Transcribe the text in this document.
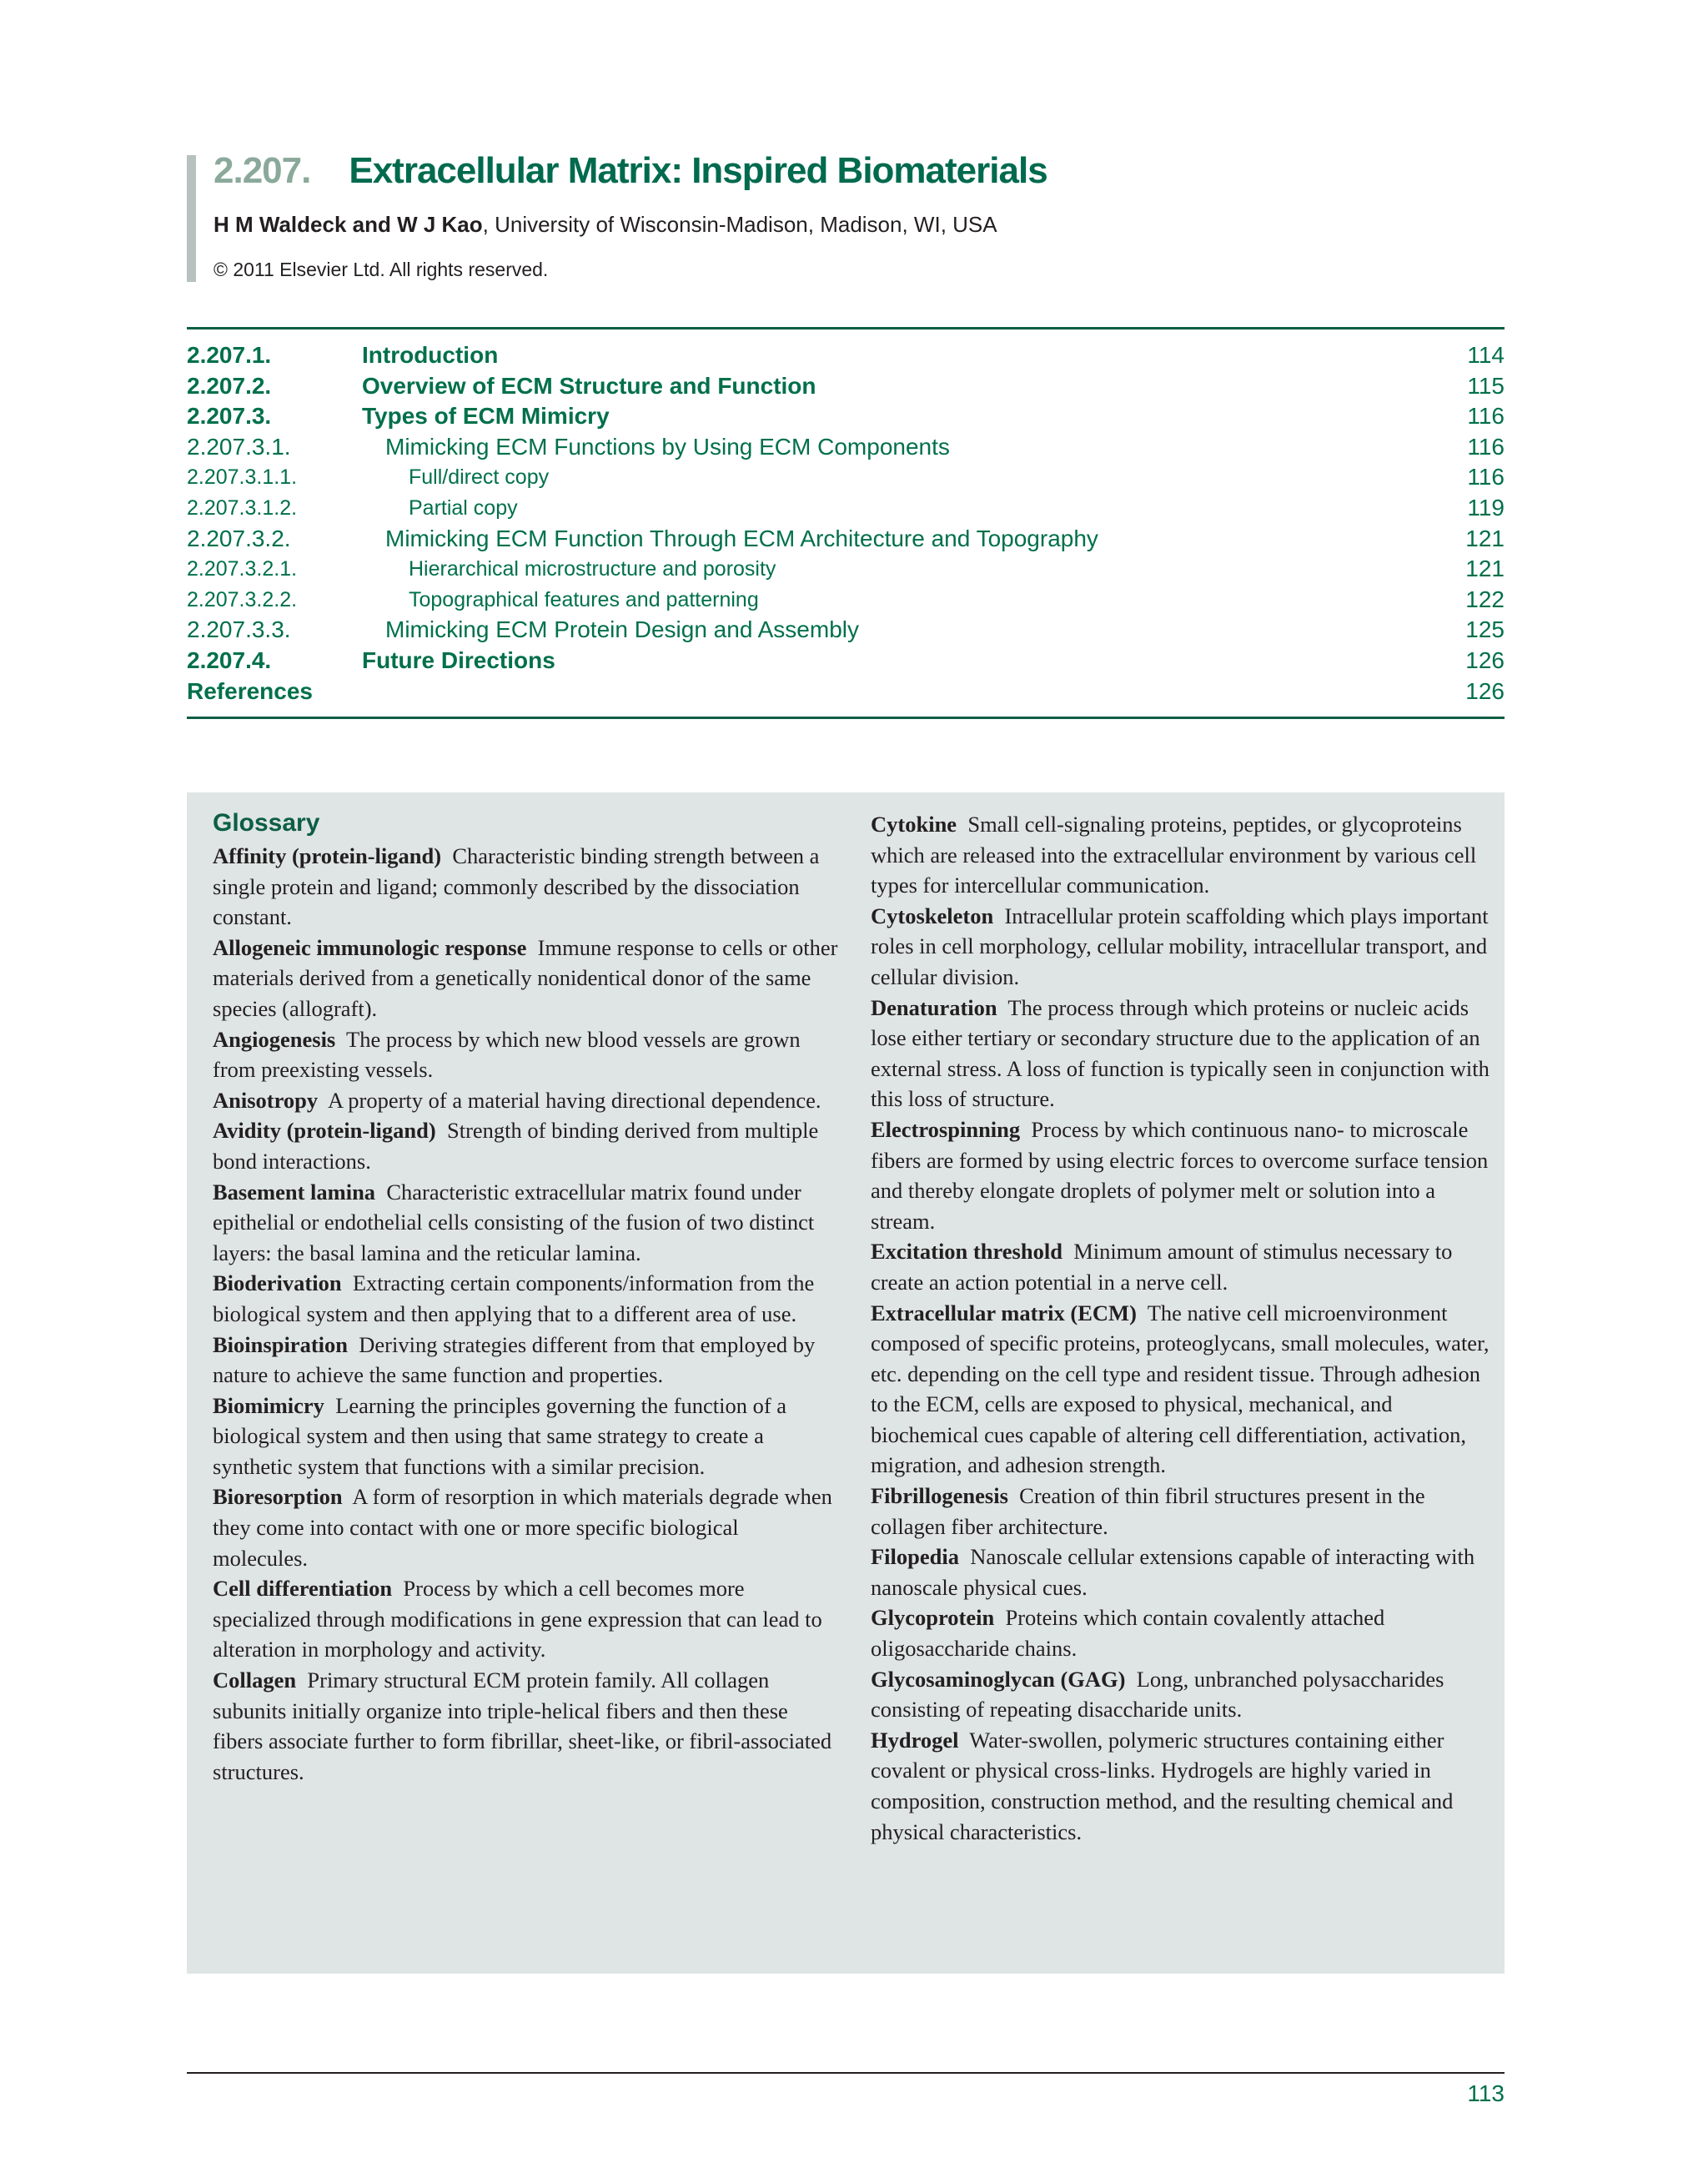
2.207. Extracellular Matrix: Inspired Biomaterials
H M Waldeck and W J Kao, University of Wisconsin-Madison, Madison, WI, USA
© 2011 Elsevier Ltd. All rights reserved.
2.207.1.	Introduction	114
2.207.2.	Overview of ECM Structure and Function	115
2.207.3.	Types of ECM Mimicry	116
2.207.3.1.	Mimicking ECM Functions by Using ECM Components	116
2.207.3.1.1.	Full/direct copy	116
2.207.3.1.2.	Partial copy	119
2.207.3.2.	Mimicking ECM Function Through ECM Architecture and Topography	121
2.207.3.2.1.	Hierarchical microstructure and porosity	121
2.207.3.2.2.	Topographical features and patterning	122
2.207.3.3.	Mimicking ECM Protein Design and Assembly	125
2.207.4.	Future Directions	126
References	126
Glossary

Affinity (protein-ligand) Characteristic binding strength between a single protein and ligand; commonly described by the dissociation constant.

Allogeneic immunologic response Immune response to cells or other materials derived from a genetically nonidentical donor of the same species (allograft).

Angiogenesis The process by which new blood vessels are grown from preexisting vessels.

Anisotropy A property of a material having directional dependence.

Avidity (protein-ligand) Strength of binding derived from multiple bond interactions.

Basement lamina Characteristic extracellular matrix found under epithelial or endothelial cells consisting of the fusion of two distinct layers: the basal lamina and the reticular lamina.

Bioderivation Extracting certain components/information from the biological system and then applying that to a different area of use.

Bioinspiration Deriving strategies different from that employed by nature to achieve the same function and properties.

Biomimicry Learning the principles governing the function of a biological system and then using that same strategy to create a synthetic system that functions with a similar precision.

Bioresorption A form of resorption in which materials degrade when they come into contact with one or more specific biological molecules.

Cell differentiation Process by which a cell becomes more specialized through modifications in gene expression that can lead to alteration in morphology and activity.

Collagen Primary structural ECM protein family. All collagen subunits initially organize into triple-helical fibers and then these fibers associate further to form fibrillar, sheet-like, or fibril-associated structures.

Cytokine Small cell-signaling proteins, peptides, or glycoproteins which are released into the extracellular environment by various cell types for intercellular communication.

Cytoskeleton Intracellular protein scaffolding which plays important roles in cell morphology, cellular mobility, intracellular transport, and cellular division.

Denaturation The process through which proteins or nucleic acids lose either tertiary or secondary structure due to the application of an external stress. A loss of function is typically seen in conjunction with this loss of structure.

Electrospinning Process by which continuous nano- to microscale fibers are formed by using electric forces to overcome surface tension and thereby elongate droplets of polymer melt or solution into a stream.

Excitation threshold Minimum amount of stimulus necessary to create an action potential in a nerve cell.

Extracellular matrix (ECM) The native cell microenvironment composed of specific proteins, proteoglycans, small molecules, water, etc. depending on the cell type and resident tissue. Through adhesion to the ECM, cells are exposed to physical, mechanical, and biochemical cues capable of altering cell differentiation, activation, migration, and adhesion strength.

Fibrillogenesis Creation of thin fibril structures present in the collagen fiber architecture.

Filopedia Nanoscale cellular extensions capable of interacting with nanoscale physical cues.

Glycoprotein Proteins which contain covalently attached oligosaccharide chains.

Glycosaminoglycan (GAG) Long, unbranched polysaccharides consisting of repeating disaccharide units.

Hydrogel Water-swollen, polymeric structures containing either covalent or physical cross-links. Hydrogels are highly varied in composition, construction method, and the resulting chemical and physical characteristics.

113
